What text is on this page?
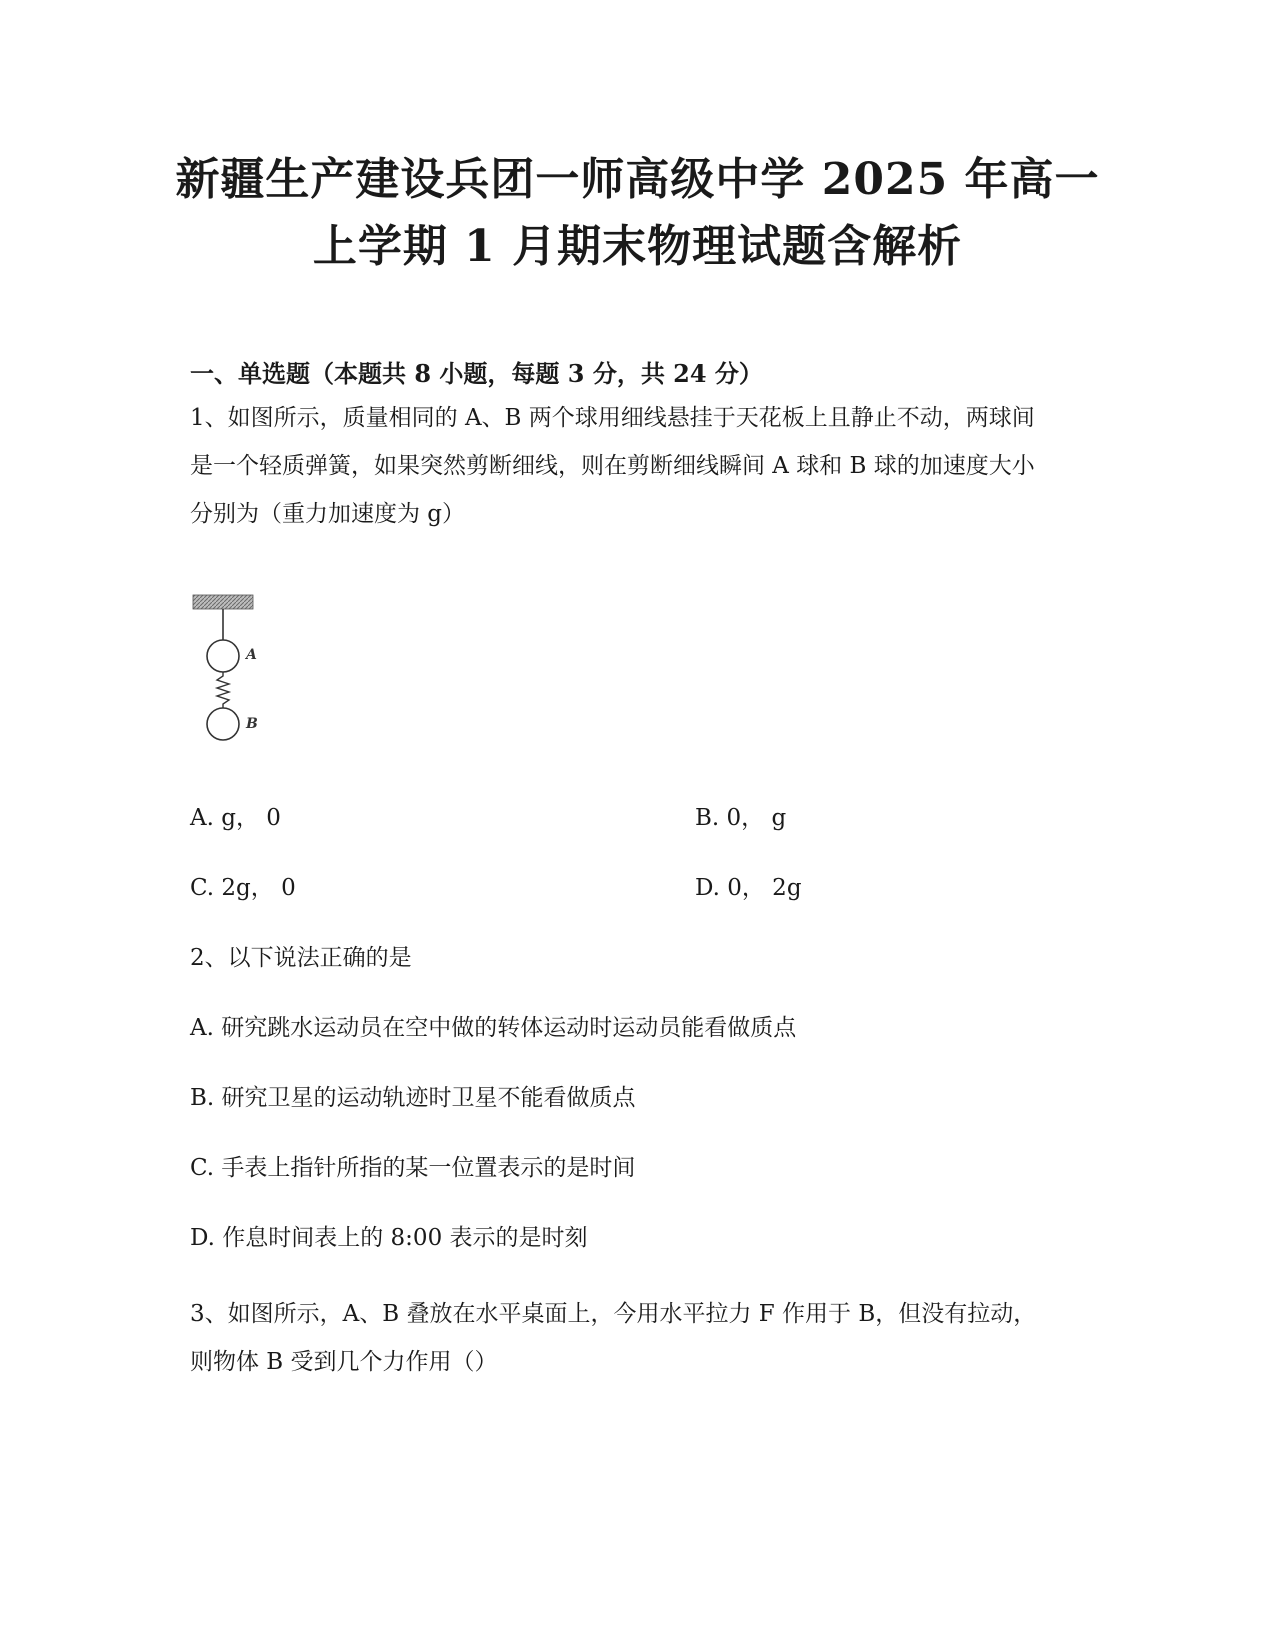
新疆生产建设兵团一师高级中学 2025 年高一
上学期 1 月期末物理试题含解析
一、单选题（本题共 8 小题，每题 3 分，共 24 分）
1、如图所示，质量相同的 A、B 两个球用细线悬挂于天花板上且静止不动，两球间
是一个轻质弹簧，如果突然剪断细线，则在剪断细线瞬间 A 球和 B 球的加速度大小
分别为（重力加速度为 g）
A
B
A. g， 0	B. 0， g
C. 2g， 0	D. 0， 2g
2、以下说法正确的是
A. 研究跳水运动员在空中做的转体运动时运动员能看做质点
B. 研究卫星的运动轨迹时卫星不能看做质点
C. 手表上指针所指的某一位置表示的是时间
D. 作息时间表上的 8:00 表示的是时刻
3、如图所示，A、B 叠放在水平桌面上，今用水平拉力 F 作用于 B，但没有拉动，
则物体 B 受到几个力作用（）
